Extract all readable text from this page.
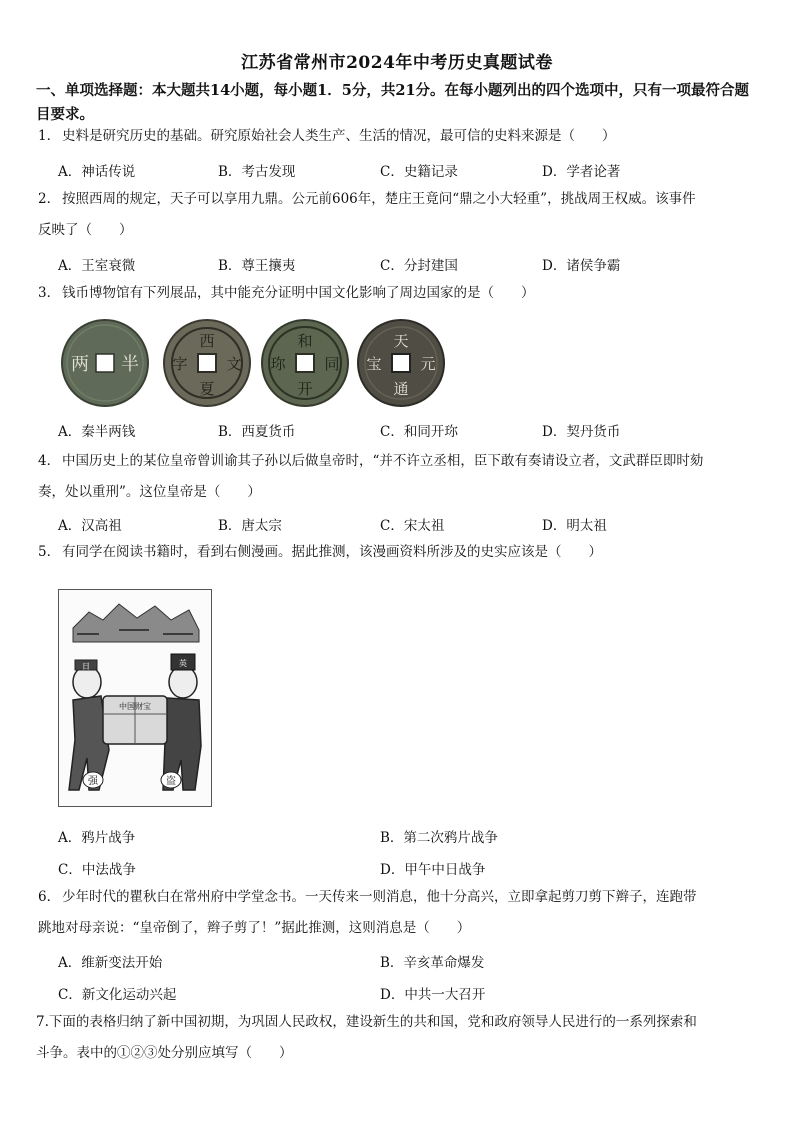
江苏省常州市2024年中考历史真题试卷
一、单项选择题：本大题共14小题，每小题1．5分，共21分。在每小题列出的四个选项中，只有一项最符合题目要求。
1． 史料是研究历史的基础。研究原始社会人类生产、生活的情况，最可信的史料来源是（　　）
A．神话传说	B．考古发现	C．史籍记录	D．学者论著
2． 按照西周的规定，天子可以享用九鼎。公元前606年，楚庄王竟问“鼎之小大轻重”，挑战周王权威。该事件
反映了（　　）
A．王室衰微	B．尊王攘夷	C．分封建国	D．诸侯争霸
3． 钱币博物馆有下列展品，其中能充分证明中国文化影响了周边国家的是（　　）
两 半
西
夏
文
字
和
开
同
珎
天
通
元
宝
A．秦半两钱	B．西夏货币	C．和同开珎	D．契丹货币
4． 中国历史上的某位皇帝曾训谕其子孙以后做皇帝时，“并不许立丞相，臣下敢有奏请设立者，文武群臣即时劾
奏，处以重刑”。这位皇帝是（　　）
A．汉高祖	B．唐太宗	C．宋太祖	D．明太祖
5． 有同学在阅读书籍时，看到右侧漫画。据此推测，该漫画资料所涉及的史实应该是（　　）
日	英
中国财宝
强	盗
A．鸦片战争	B．第二次鸦片战争
C．中法战争	D．甲午中日战争
6． 少年时代的瞿秋白在常州府中学堂念书。一天传来一则消息，他十分高兴，立即拿起剪刀剪下辫子，连跑带
跳地对母亲说：“皇帝倒了，辫子剪了！”据此推测，这则消息是（　　）
A．维新变法开始	B．辛亥革命爆发
C．新文化运动兴起	D．中共一大召开
7.下面的表格归纳了新中国初期，为巩固人民政权，建设新生的共和国，党和政府领导人民进行的一系列探索和
斗争。表中的①②③处分别应填写（　　）
